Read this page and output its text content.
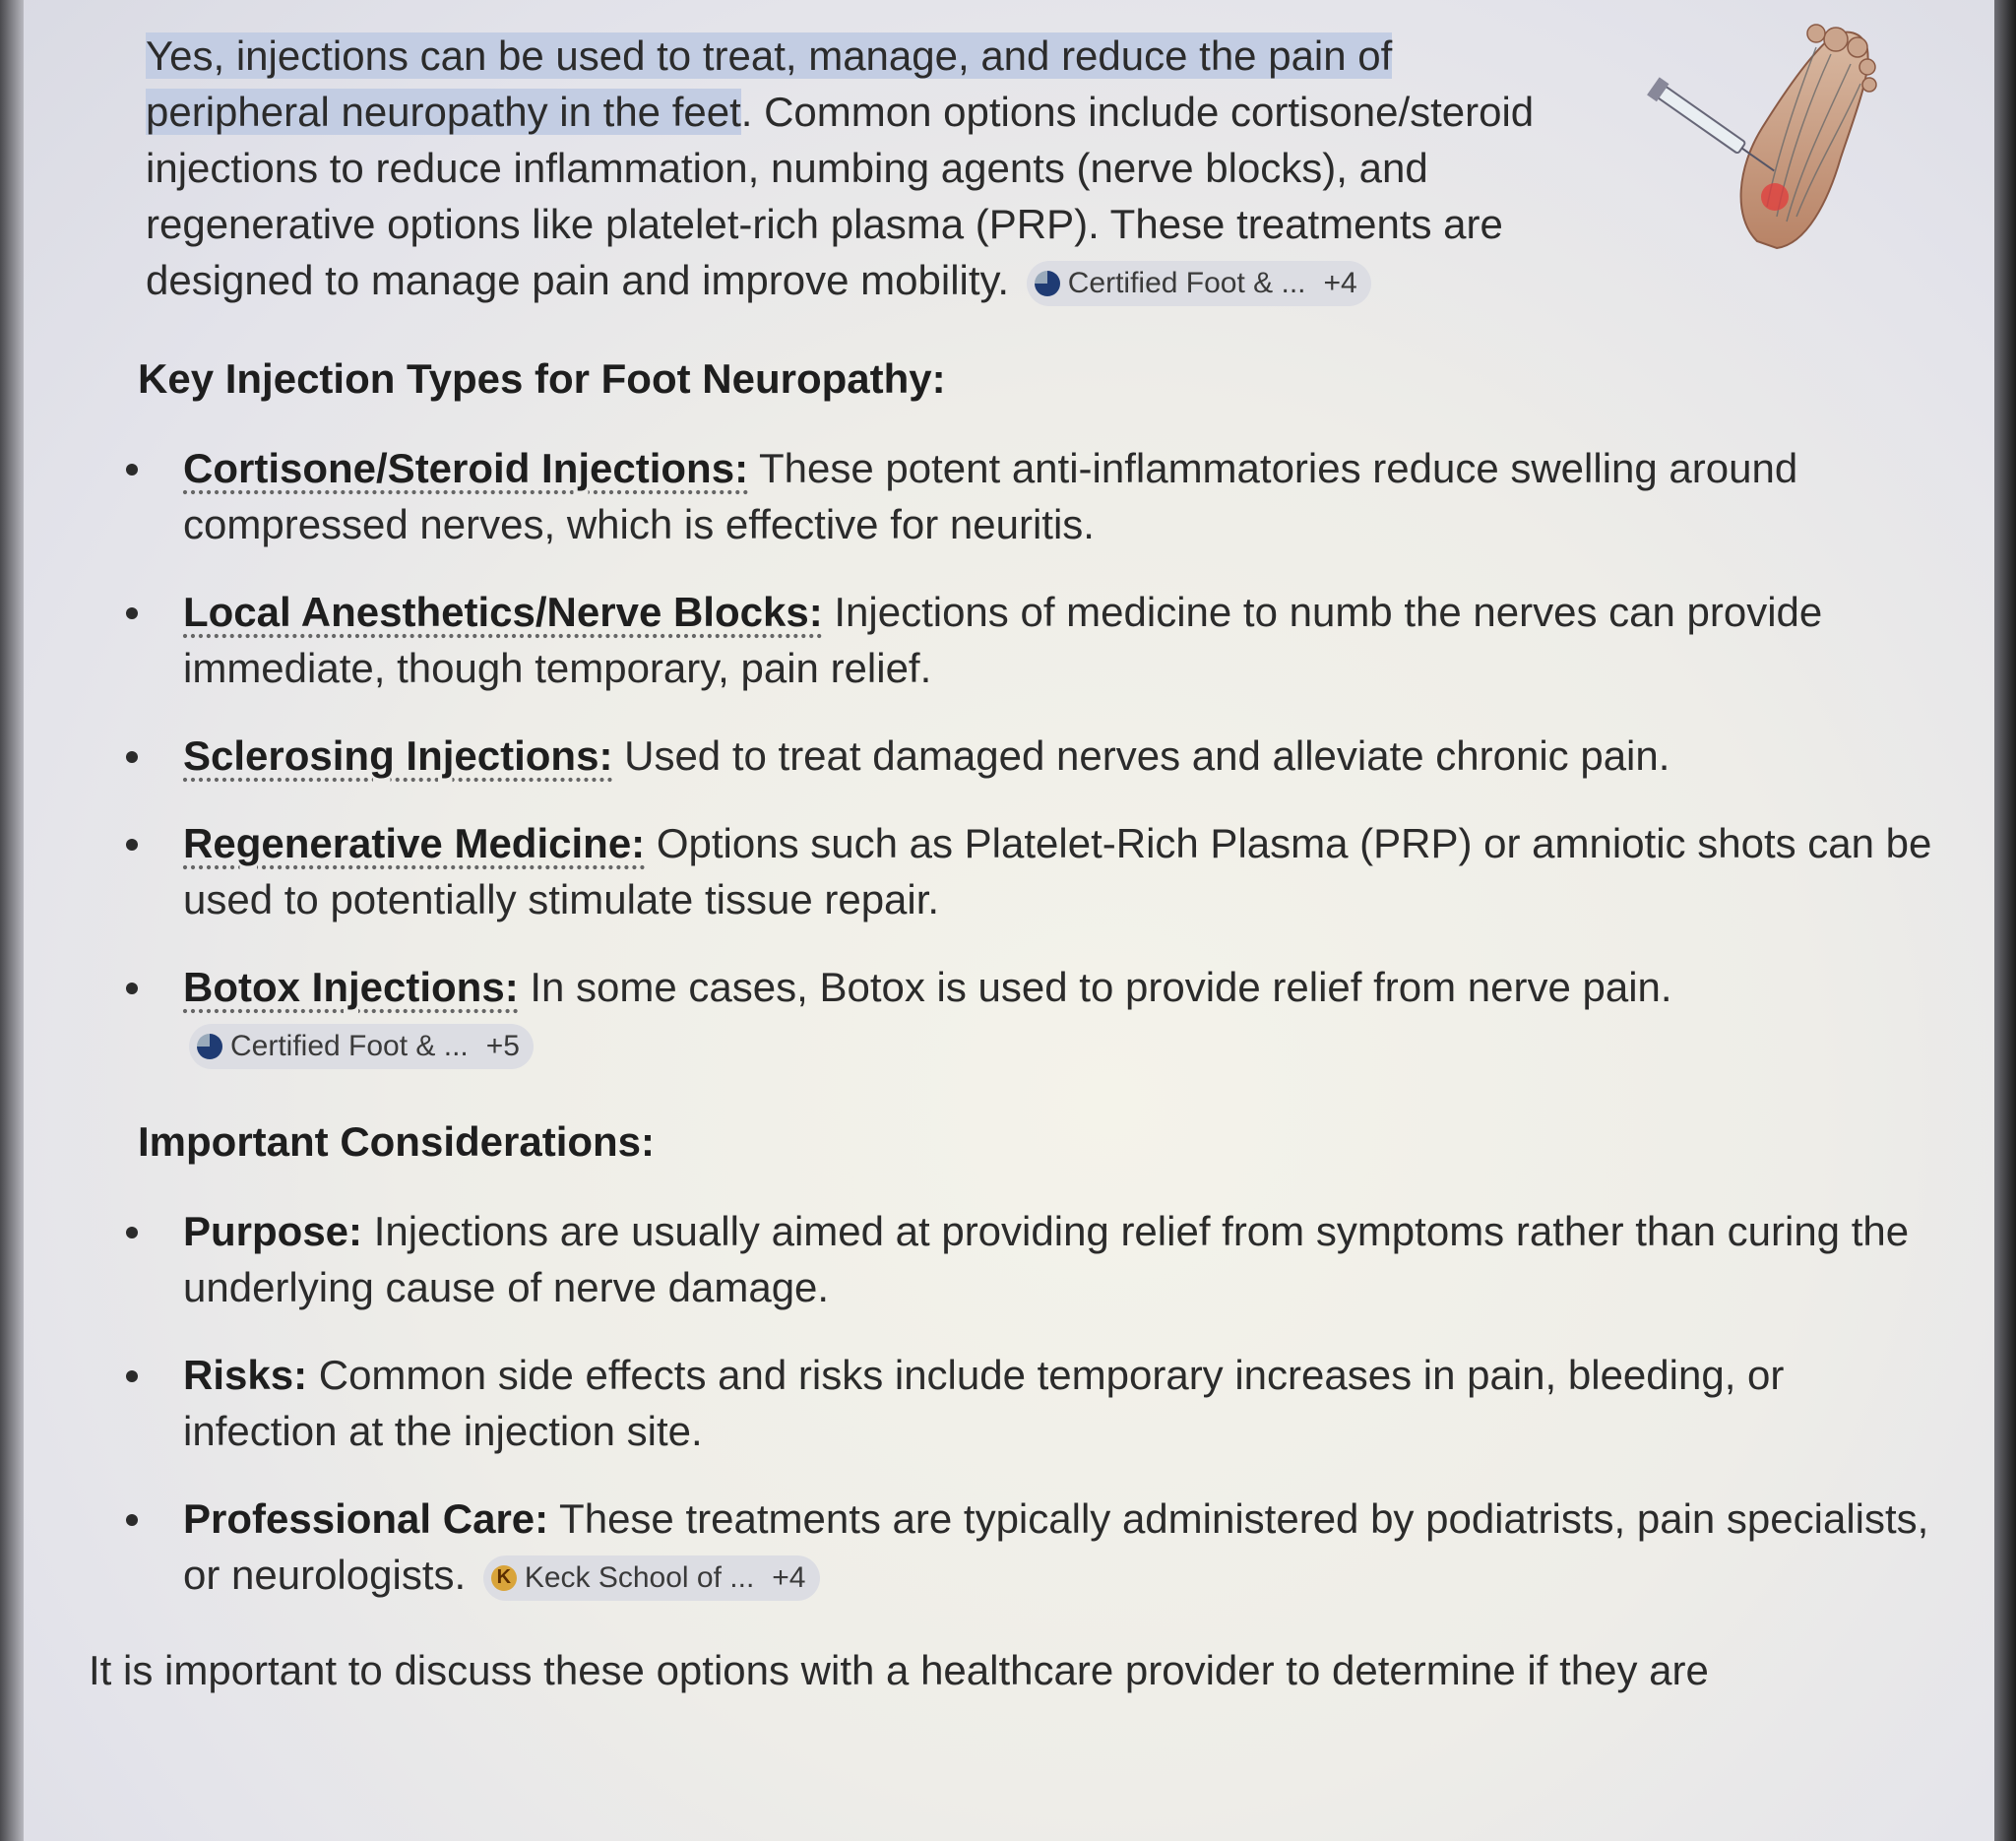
Yes, injections can be used to treat, manage, and reduce the pain of peripheral neuropathy in the feet. Common options include cortisone/steroid injections to reduce inflammation, numbing agents (nerve blocks), and regenerative options like platelet-rich plasma (PRP). These treatments are designed to manage pain and improve mobility. Certified Foot & ... +4
Key Injection Types for Foot Neuropathy:
Cortisone/Steroid Injections: These potent anti-inflammatories reduce swelling around compressed nerves, which is effective for neuritis.
Local Anesthetics/Nerve Blocks: Injections of medicine to numb the nerves can provide immediate, though temporary, pain relief.
Sclerosing Injections: Used to treat damaged nerves and alleviate chronic pain.
Regenerative Medicine: Options such as Platelet-Rich Plasma (PRP) or amniotic shots can be used to potentially stimulate tissue repair.
Botox Injections: In some cases, Botox is used to provide relief from nerve pain.
Certified Foot & ... +5
Important Considerations:
Purpose: Injections are usually aimed at providing relief from symptoms rather than curing the underlying cause of nerve damage.
Risks: Common side effects and risks include temporary increases in pain, bleeding, or infection at the injection site.
Professional Care: These treatments are typically administered by podiatrists, pain specialists, or neurologists. K Keck School of ... +4
It is important to discuss these options with a healthcare provider to determine if they are
